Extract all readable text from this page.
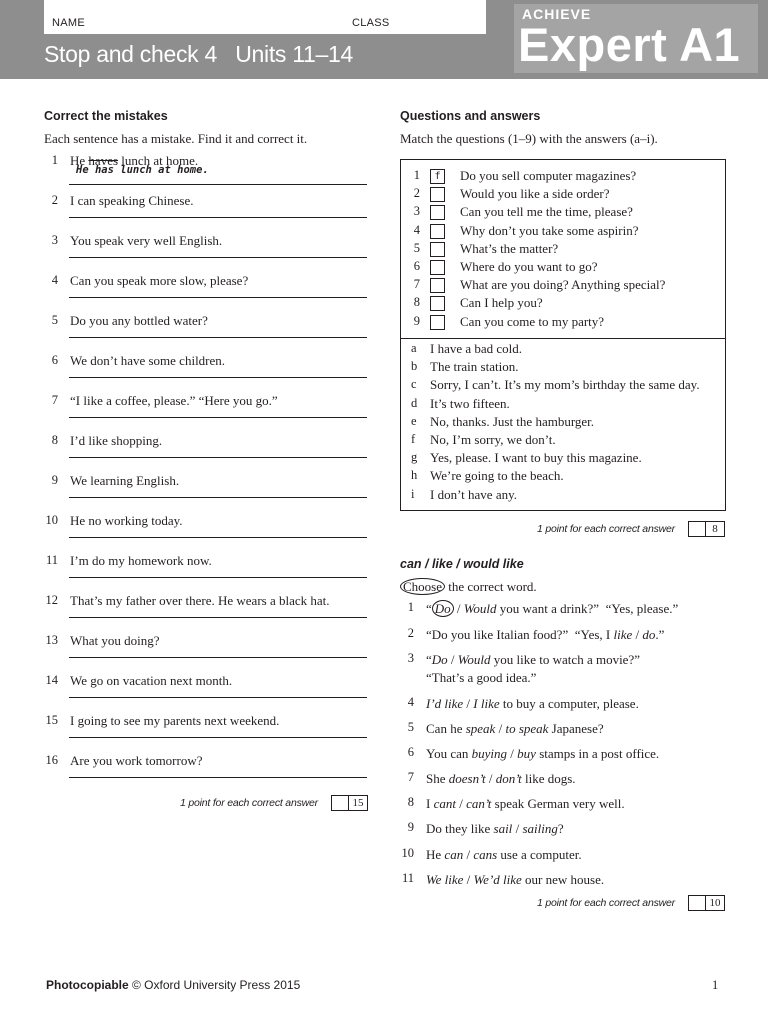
NAME	CLASS
Stop and check 4   Units 11–14
ACHIEVE
Expert A1
Correct the mistakes
Each sentence has a mistake. Find it and correct it.
1 He haves lunch at home.
He has lunch at home.
2 I can speaking Chinese.
3 You speak very well English.
4 Can you speak more slow, please?
5 Do you any bottled water?
6 We don’t have some children.
7 “I like a coffee, please.” “Here you go.”
8 I’d like shopping.
9 We learning English.
10 He no working today.
11 I’m do my homework now.
12 That’s my father over there. He wears a black hat.
13 What you doing?
14 We go on vacation next month.
15 I going to see my parents next weekend.
16 Are you work tomorrow?
1 point for each correct answer	15
Questions and answers
Match the questions (1–9) with the answers (a–i).
1	f	Do you sell computer magazines?
2	Would you like a side order?
3	Can you tell me the time, please?
4	Why don’t you take some aspirin?
5	What’s the matter?
6	Where do you want to go?
7	What are you doing? Anything special?
8	Can I help you?
9	Can you come to my party?
a I have a bad cold.
b The train station.
c Sorry, I can’t. It’s my mom’s birthday the same day.
d It’s two fifteen.
e No, thanks. Just the hamburger.
f No, I’m sorry, we don’t.
g Yes, please. I want to buy this magazine.
h We’re going to the beach.
i I don’t have any.
1 point for each correct answer	8
can / like / would like
Choose the correct word.
1 “ Do / Would you want a drink?”  “Yes, please.”
2 “Do you like Italian food?”  “Yes, I like / do.”
3 “Do / Would you like to watch a movie?”
“That’s a good idea.”
4 I’d like / I like to buy a computer, please.
5 Can he speak / to speak Japanese?
6 You can buying / buy stamps in a post office.
7 She doesn’t / don’t like dogs.
8 I cant / can’t speak German very well.
9 Do they like sail / sailing?
10 He can / cans use a computer.
11 We like / We’d like our new house.
1 point for each correct answer	10
Photocopiable © Oxford University Press 2015	1
